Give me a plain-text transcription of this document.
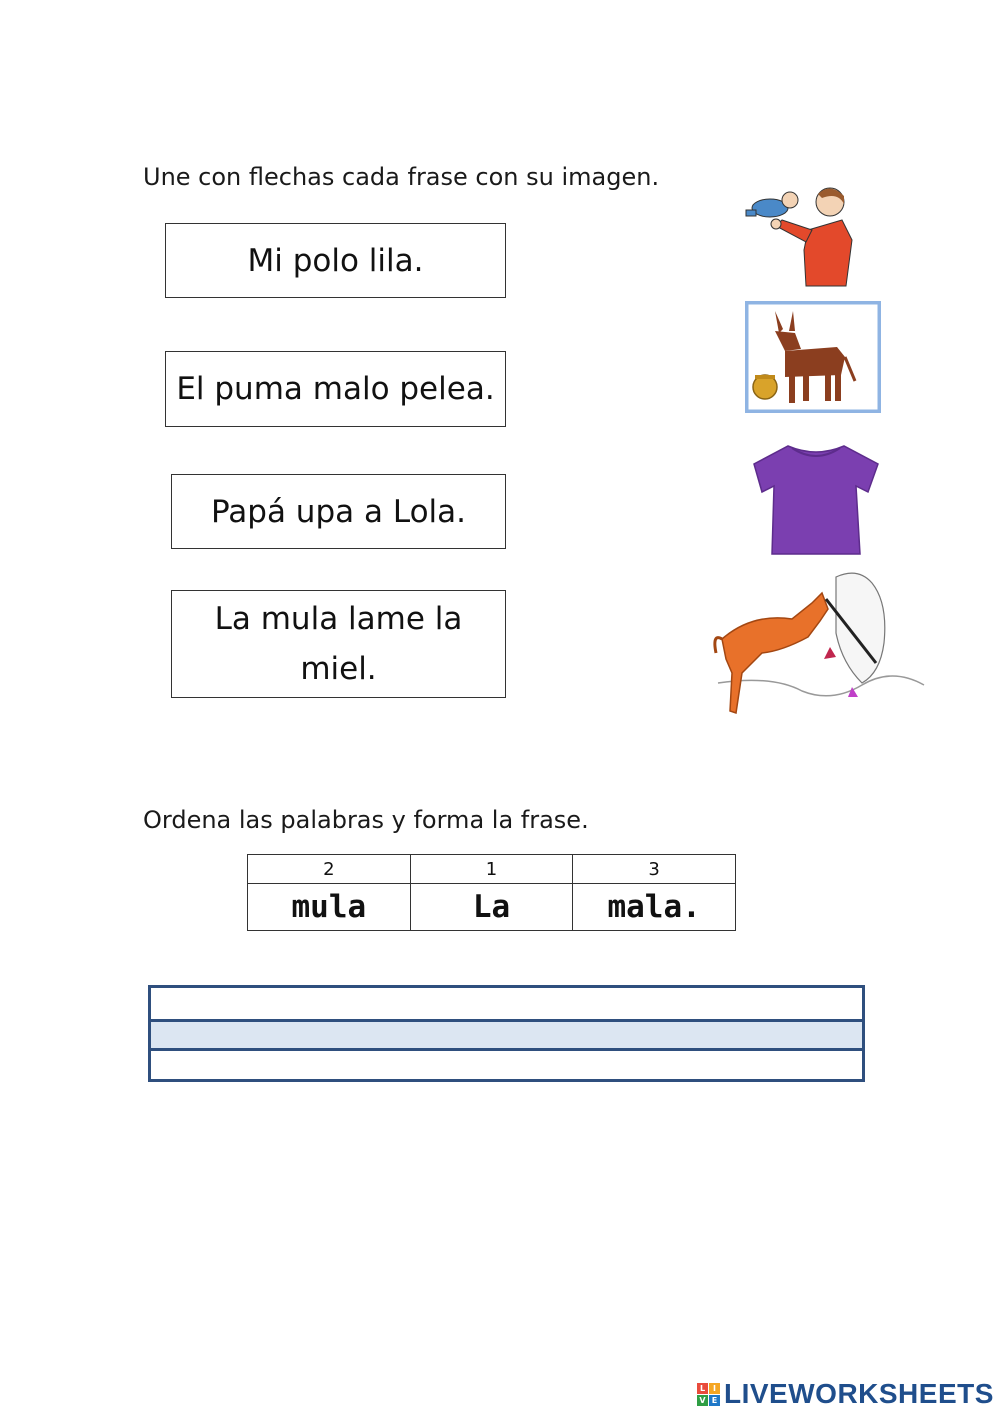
Une con flechas cada frase con su imagen.
Mi polo lila.
El puma malo pelea.
Papá upa a Lola.
La mula lame la miel.
Ordena las palabras y forma la frase.
2	1	3
mula	La	mala.
L I
V E LIVEWORKSHEETS
